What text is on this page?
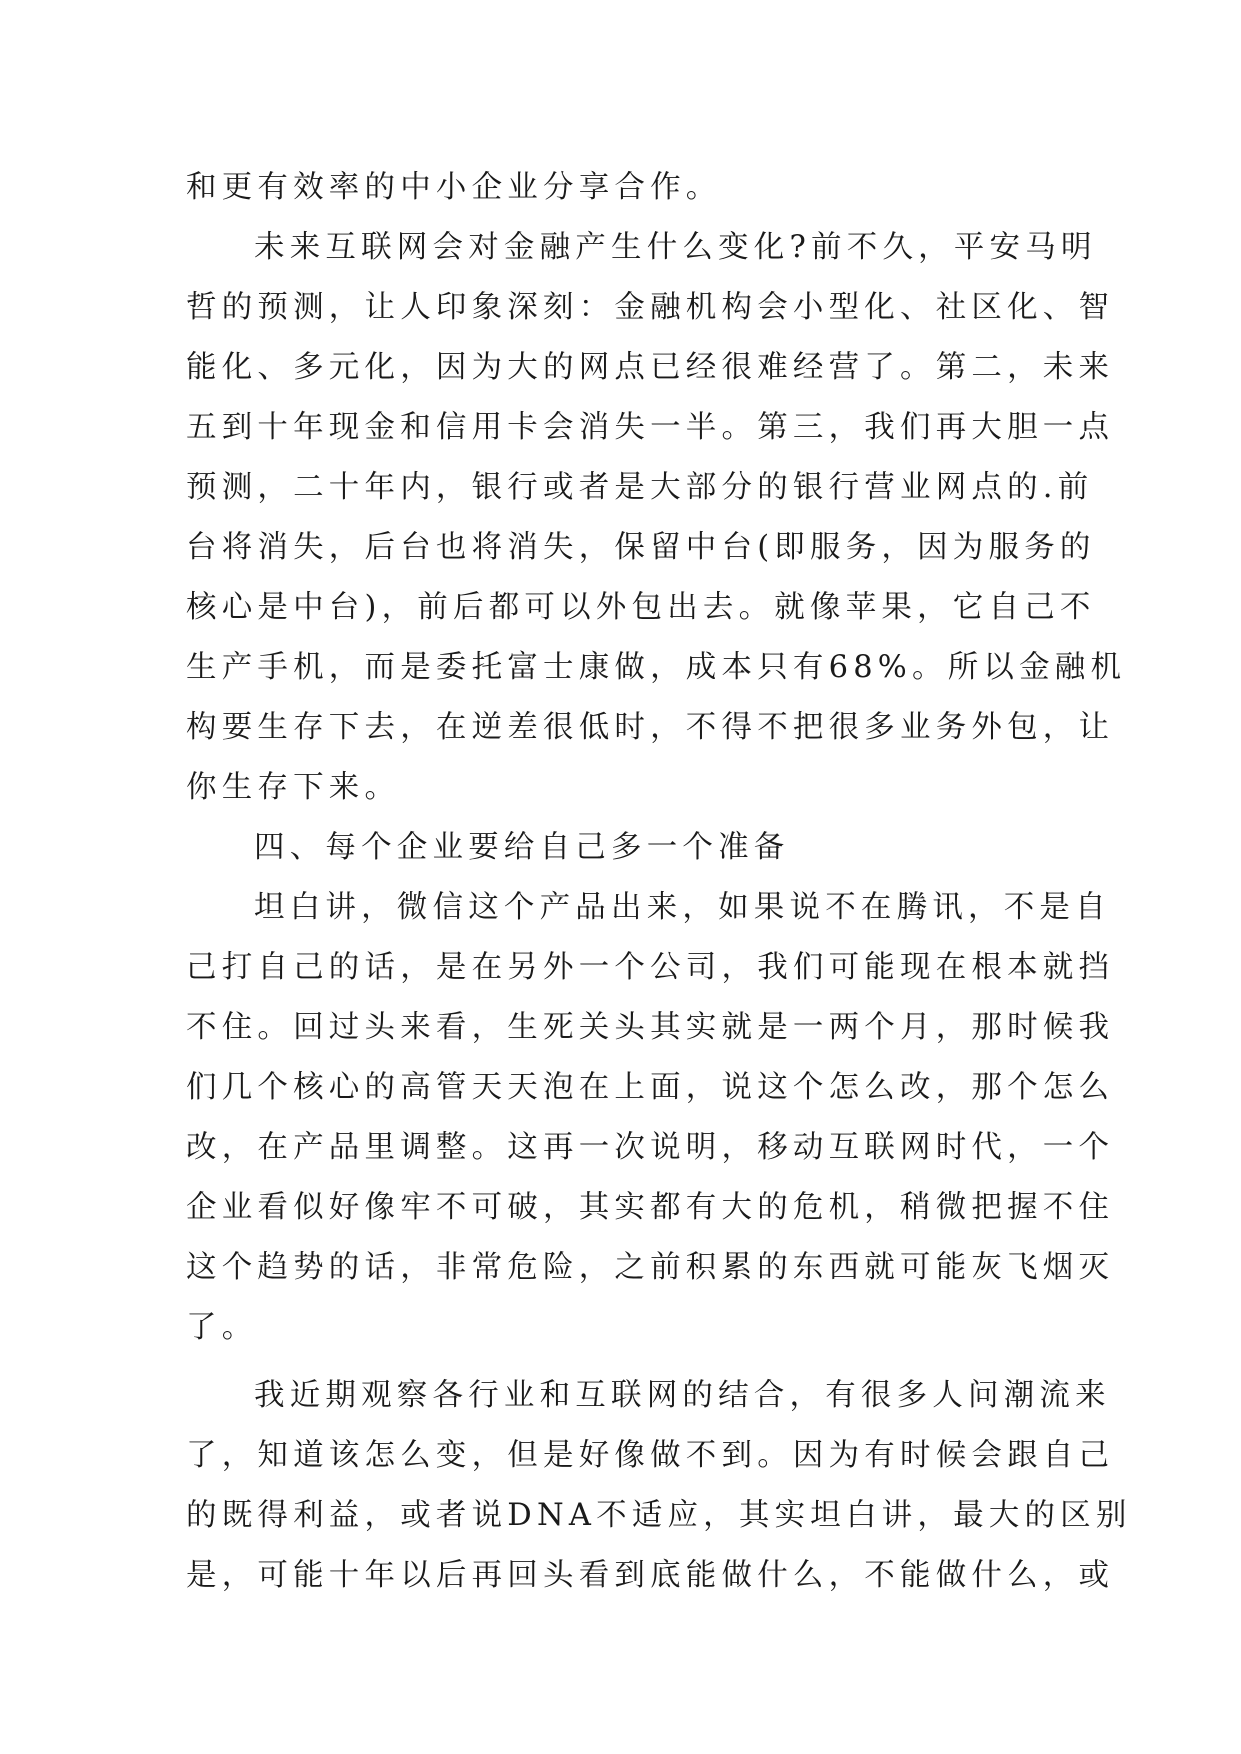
和更有效率的中小企业分享合作。
未来互联网会对金融产生什么变化?前不久，平安马明
哲的预测，让人印象深刻：金融机构会小型化、社区化、智
能化、多元化，因为大的网点已经很难经营了。第二，未来
五到十年现金和信用卡会消失一半。第三，我们再大胆一点
预测，二十年内，银行或者是大部分的银行营业网点的.前
台将消失，后台也将消失，保留中台(即服务，因为服务的
核心是中台)，前后都可以外包出去。就像苹果，它自己不
生产手机，而是委托富士康做，成本只有68%。所以金融机
构要生存下去，在逆差很低时，不得不把很多业务外包，让
你生存下来。
四、每个企业要给自己多一个准备
坦白讲，微信这个产品出来，如果说不在腾讯，不是自
己打自己的话，是在另外一个公司，我们可能现在根本就挡
不住。回过头来看，生死关头其实就是一两个月，那时候我
们几个核心的高管天天泡在上面，说这个怎么改，那个怎么
改，在产品里调整。这再一次说明，移动互联网时代，一个
企业看似好像牢不可破，其实都有大的危机，稍微把握不住
这个趋势的话，非常危险，之前积累的东西就可能灰飞烟灭
了。
我近期观察各行业和互联网的结合，有很多人问潮流来
了，知道该怎么变，但是好像做不到。因为有时候会跟自己
的既得利益，或者说DNA不适应，其实坦白讲，最大的区别
是，可能十年以后再回头看到底能做什么，不能做什么，或
